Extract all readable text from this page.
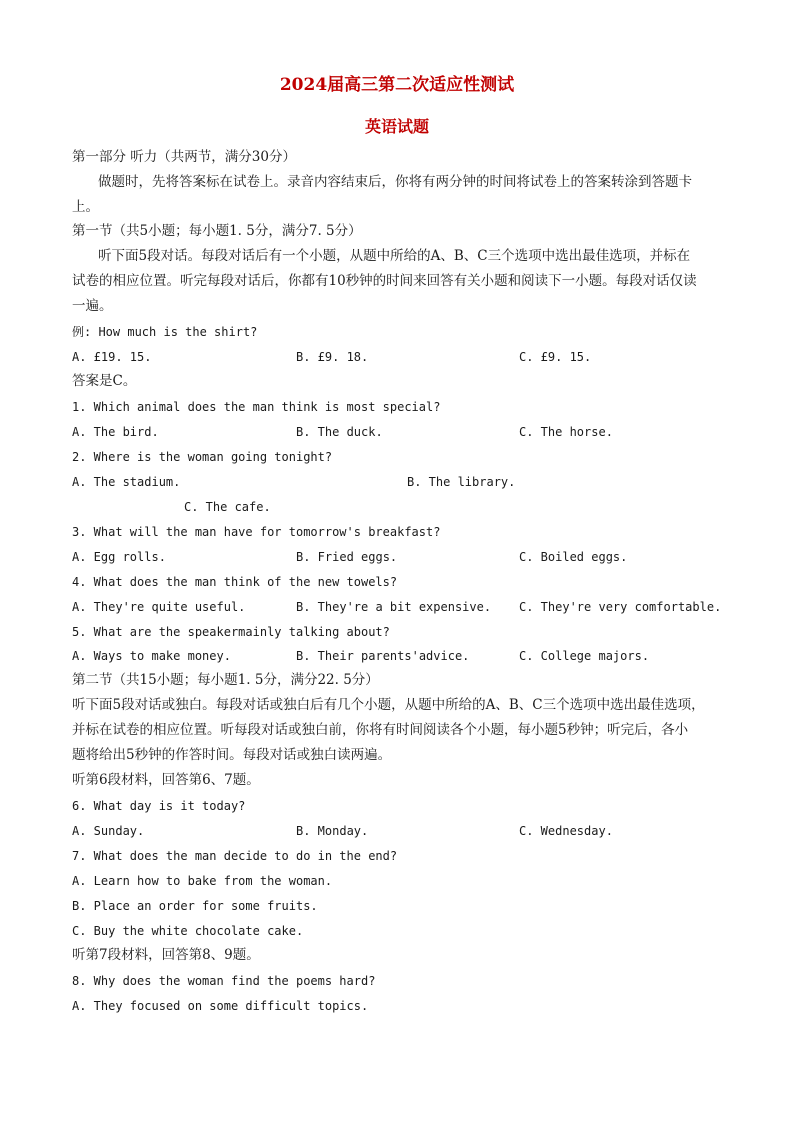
2024届高三第二次适应性测试
英语试题
第一部分 听力（共两节，满分30分）
做题时，先将答案标在试卷上。录音内容结束后，你将有两分钟的时间将试卷上的答案转涂到答题卡
上。
第一节（共5小题；每小题1. 5分，满分7. 5分）
听下面5段对话。每段对话后有一个小题，从题中所给的A、B、C三个选项中选出最佳选项，并标在
试卷的相应位置。听完每段对话后，你都有10秒钟的时间来回答有关小题和阅读下一小题。每段对话仅读
一遍。
例: How much is the shirt?
A. £19. 15.	B. £9. 18.	C. £9. 15.
答案是C。
1. Which animal does the man think is most special?
A. The bird.	B. The duck.	C. The horse.
2. Where is the woman going tonight?
A. The stadium.	B. The library.
C. The cafe.
3. What will the man have for tomorrow's breakfast?
A. Egg rolls.	B. Fried eggs.	C. Boiled eggs.
4. What does the man think of the new towels?
A. They're quite useful.	B. They're a bit expensive. C. They're very comfortable.
5. What are the speakermainly talking about?
A. Ways to make money.	B. Their parents'advice.	C. College majors.
第二节（共15小题；每小题1. 5分，满分22. 5分）
听下面5段对话或独白。每段对话或独白后有几个小题，从题中所给的A、B、C三个选项中选出最佳选项，
并标在试卷的相应位置。听每段对话或独白前，你将有时间阅读各个小题，每小题5秒钟；听完后，各小
题将给出5秒钟的作答时间。每段对话或独白读两遍。
听第6段材料，回答第6、7题。
6. What day is it today?
A. Sunday.	B. Monday.	C. Wednesday.
7. What does the man decide to do in the end?
A. Learn how to bake from the woman.
B. Place an order for some fruits.
C. Buy the white chocolate cake.
听第7段材料，回答第8、9题。
8. Why does the woman find the poems hard?
A. They focused on some difficult topics.
